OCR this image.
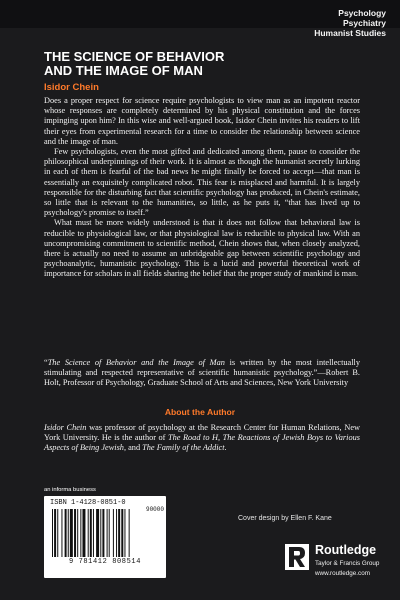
Psychology
Psychiatry
Humanist Studies
THE SCIENCE OF BEHAVIOR
AND THE IMAGE OF MAN
Isidor Chein

Does a proper respect for science require psychologists to view man as an impotent reactor whose responses are completely determined by his physical constitution and the forces impinging upon him? In this wise and well-argued book, Isidor Chein invites his readers to lift their eyes from experimental research for a time to consider the relationship between science and the image of man.

Few psychologists, even the most gifted and dedicated among them, pause to consider the philosophical underpinnings of their work. It is almost as though the humanist secretly lurking in each of them is fearful of the bad news he might finally be forced to accept—that man is essentially an exquisitely complicated robot. This fear is misplaced and harmful. It is largely responsible for the disturbing fact that scientific psychology has produced, in Chein's estimate, so little that is relevant to the humanities, so little, as he puts it, “that has lived up to psychology's promise to itself.”

What must be more widely understood is that it does not follow that behavioral law is reducible to physiological law, or that physiological law is reducible to physical law. With an uncompromising commitment to scientific method, Chein shows that, when closely analyzed, there is actually no need to assume an unbridgeable gap between scientific psychology and psychoanalytic, humanistic psychology. This is a lucid and powerful theoretical work of importance for scholars in all fields sharing the belief that the proper study of mankind is man.

“The Science of Behavior and the Image of Man is written by the most intellectually stimulating and respected representative of scientific humanistic psychology.”—Robert B. Holt, Professor of Psychology, Graduate School of Arts and Sciences, New York University
About the Author
Isidor Chein was professor of psychology at the Research Center for Human Relations, New York University. He is the author of The Road to H, The Reactions of Jewish Boys to Various Aspects of Being Jewish, and The Family of the Addict.
an informa business
ISBN 1-4128-0851-0
90000
9 781412 808514
Cover design by Ellen F. Kane
Routledge
Taylor & Francis Group
www.routledge.com
